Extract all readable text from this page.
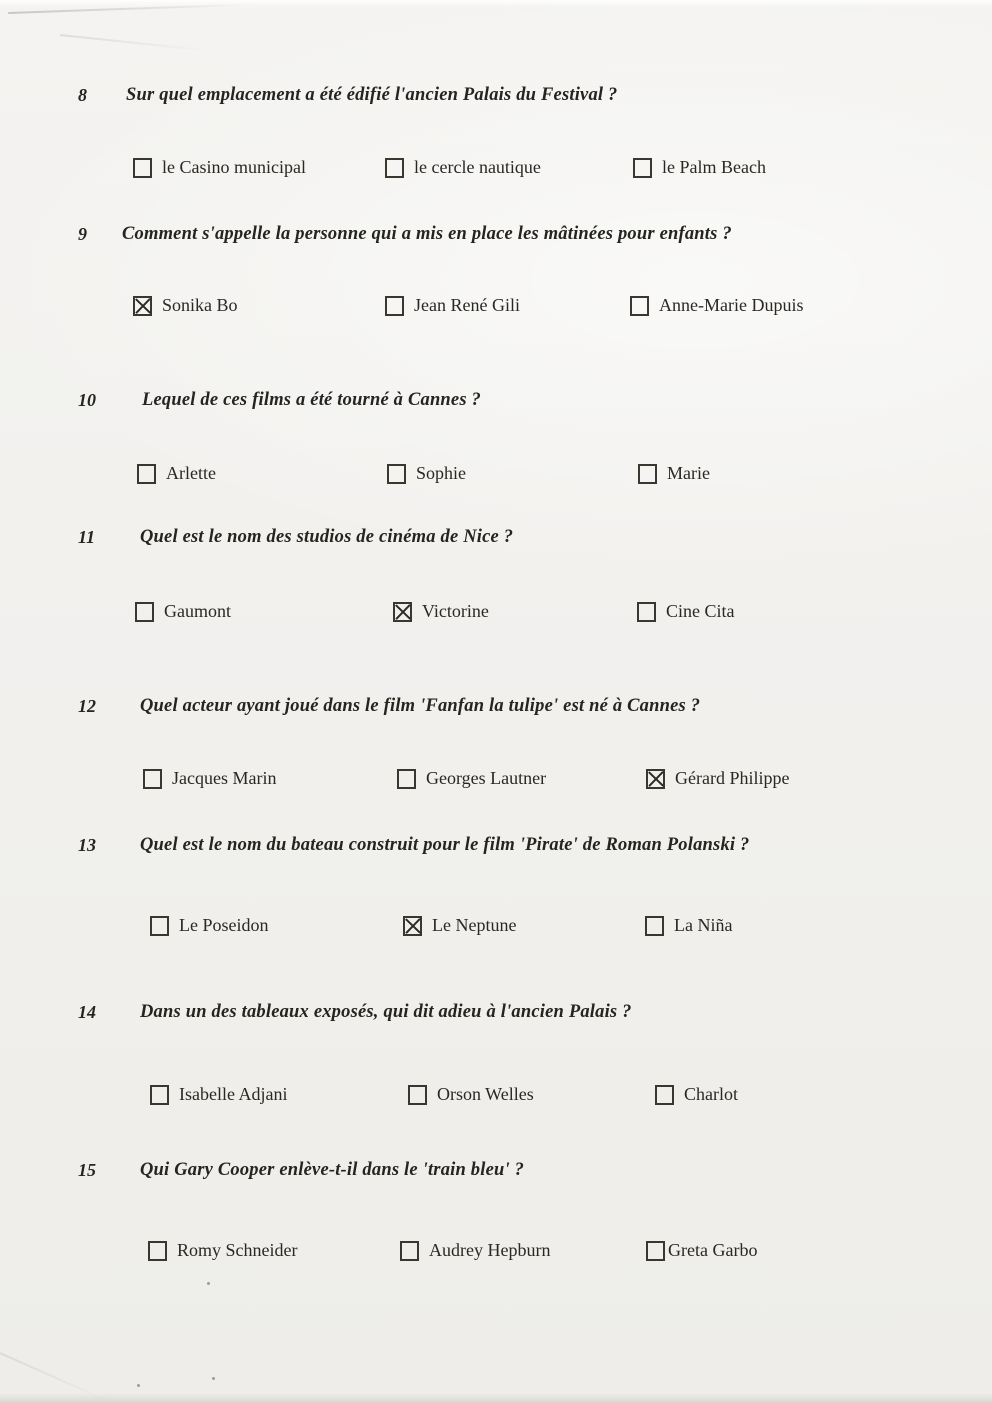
8 Sur quel emplacement a été édifié l'ancien Palais du Festival ?
le Casino municipal	le cercle nautique	le Palm Beach
9 Comment s'appelle la personne qui a mis en place les mâtinées pour enfants ?
Sonika Bo	Jean René Gili	Anne-Marie Dupuis
10 Lequel de ces films a été tourné à Cannes ?
Arlette	Sophie	Marie
11 Quel est le nom des studios de cinéma de Nice ?
Gaumont	Victorine	Cine Cita
12 Quel acteur ayant joué dans le film 'Fanfan la tulipe' est né à Cannes ?
Jacques Marin	Georges Lautner	Gérard Philippe
13 Quel est le nom du bateau construit pour le film 'Pirate' de Roman Polanski ?
Le Poseidon	Le Neptune	La Niña
14 Dans un des tableaux exposés, qui dit adieu à l'ancien Palais ?
Isabelle Adjani	Orson Welles	Charlot
15 Qui Gary Cooper enlève-t-il dans le 'train bleu' ?
Romy Schneider	Audrey Hepburn	Greta Garbo
